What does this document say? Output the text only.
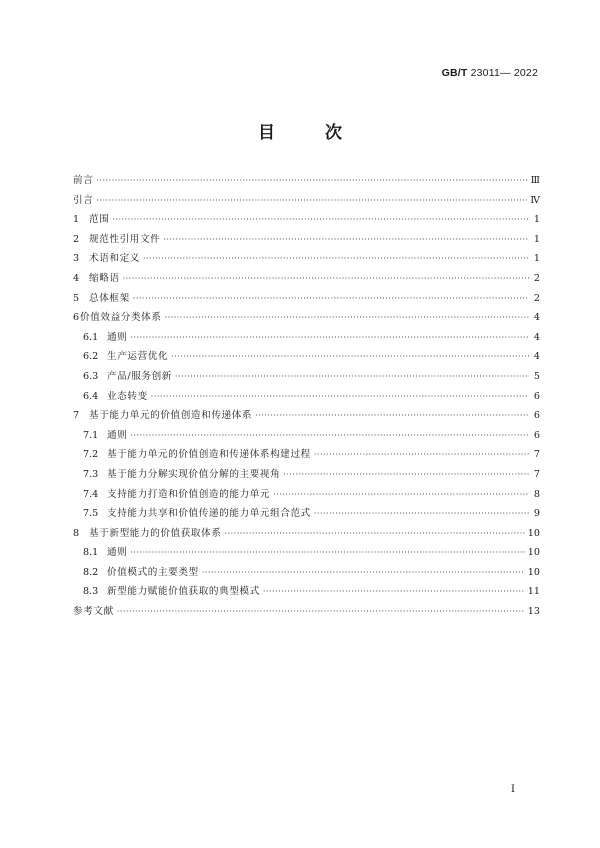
GB/T 23011— 2022
目 次
前言 ·····	Ⅲ
引言 ·····	Ⅳ
1	范围 ·····	1
2	规范性引用文件 ·····	1
3	术语和定义 ·····	1
4	缩略语 ·····	2
5	总体框架 ·····	2
6 价值效益分类体系 ·····	4
6.1 通则 ·····	4
6.2 生产运营优化 ·····	4
6.3 产品/服务创新 ·····	5
6.4 业态转变 ·····	6
7	基于能力单元的价值创造和传递体系 ·····	6
7.1 通则 ·····	6
7.2 基于能力单元的价值创造和传递体系构建过程 ·····	7
7.3 基于能力分解实现价值分解的主要视角 ·····	7
7.4 支持能力打造和价值创造的能力单元 ·····	8
7.5 支持能力共享和价值传递的能力单元组合范式 ·····	9
8	基于新型能力的价值获取体系 ·····	10
8.1 通则 ·····	10
8.2 价值模式的主要类型 ·····	10
8.3 新型能力赋能价值获取的典型模式 ·····	11
参考文献 ·····	13
I
